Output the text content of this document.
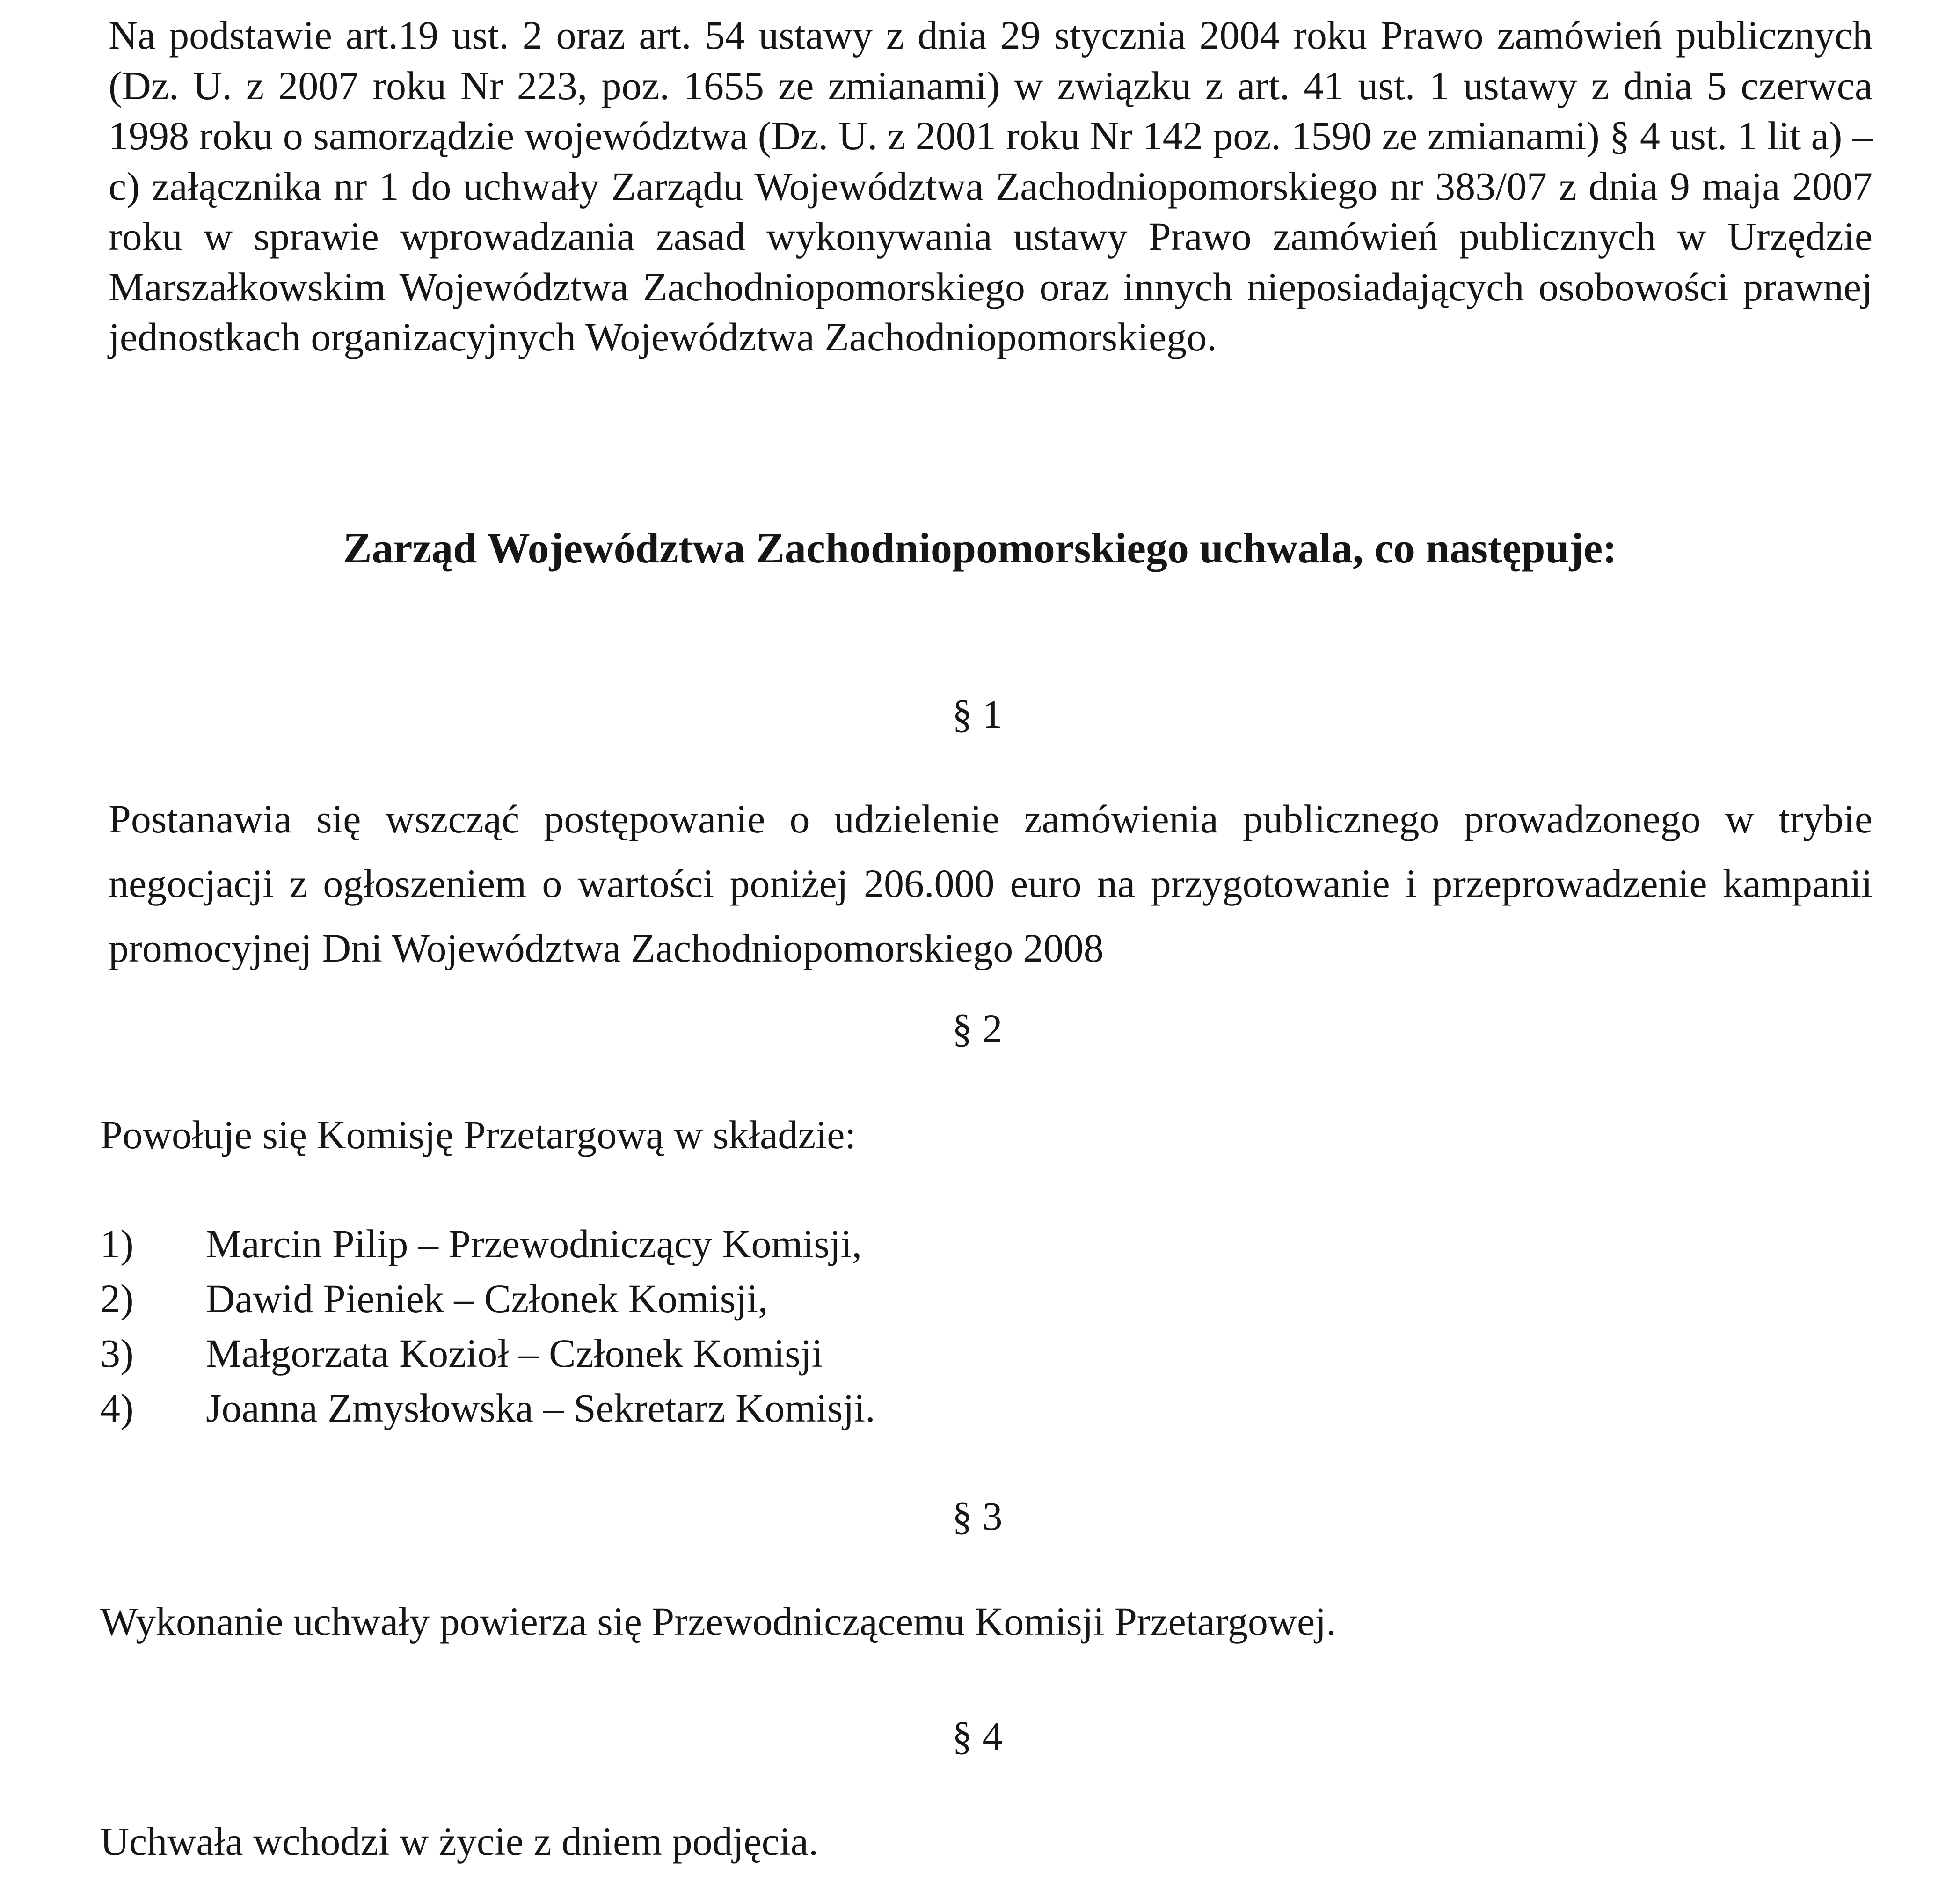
Na podstawie art.19 ust. 2 oraz art. 54 ustawy z dnia 29 stycznia 2004 roku Prawo zamówień publicznych (Dz. U. z 2007 roku Nr 223, poz. 1655 ze zmianami) w związku z art. 41 ust. 1 ustawy z dnia 5 czerwca 1998 roku o samorządzie województwa (Dz. U. z 2001 roku Nr 142 poz. 1590 ze zmianami) § 4 ust. 1 lit a) – c) załącznika nr 1 do uchwały Zarządu Województwa Zachodniopomorskiego nr 383/07 z dnia 9 maja 2007 roku w sprawie wprowadzania zasad wykonywania ustawy Prawo zamówień publicznych w Urzędzie Marszałkowskim Województwa Zachodniopomorskiego oraz innych nieposiadających osobowości prawnej jednostkach organizacyjnych Województwa Zachodniopomorskiego.
Zarząd Województwa Zachodniopomorskiego uchwala, co następuje:
§ 1
Postanawia się wszcząć postępowanie o udzielenie zamówienia publicznego prowadzonego w trybie negocjacji z ogłoszeniem o wartości poniżej 206.000 euro na przygotowanie i przeprowadzenie kampanii promocyjnej Dni Województwa Zachodniopomorskiego 2008
§ 2
Powołuje się Komisję Przetargową w składzie:
1)	Marcin Pilip – Przewodniczący Komisji,
2)	Dawid Pieniek – Członek Komisji,
3)	Małgorzata Kozioł – Członek Komisji
4)	Joanna Zmysłowska – Sekretarz Komisji.
§ 3
Wykonanie uchwały powierza się Przewodniczącemu Komisji Przetargowej.
§ 4
Uchwała wchodzi w życie z dniem podjęcia.
